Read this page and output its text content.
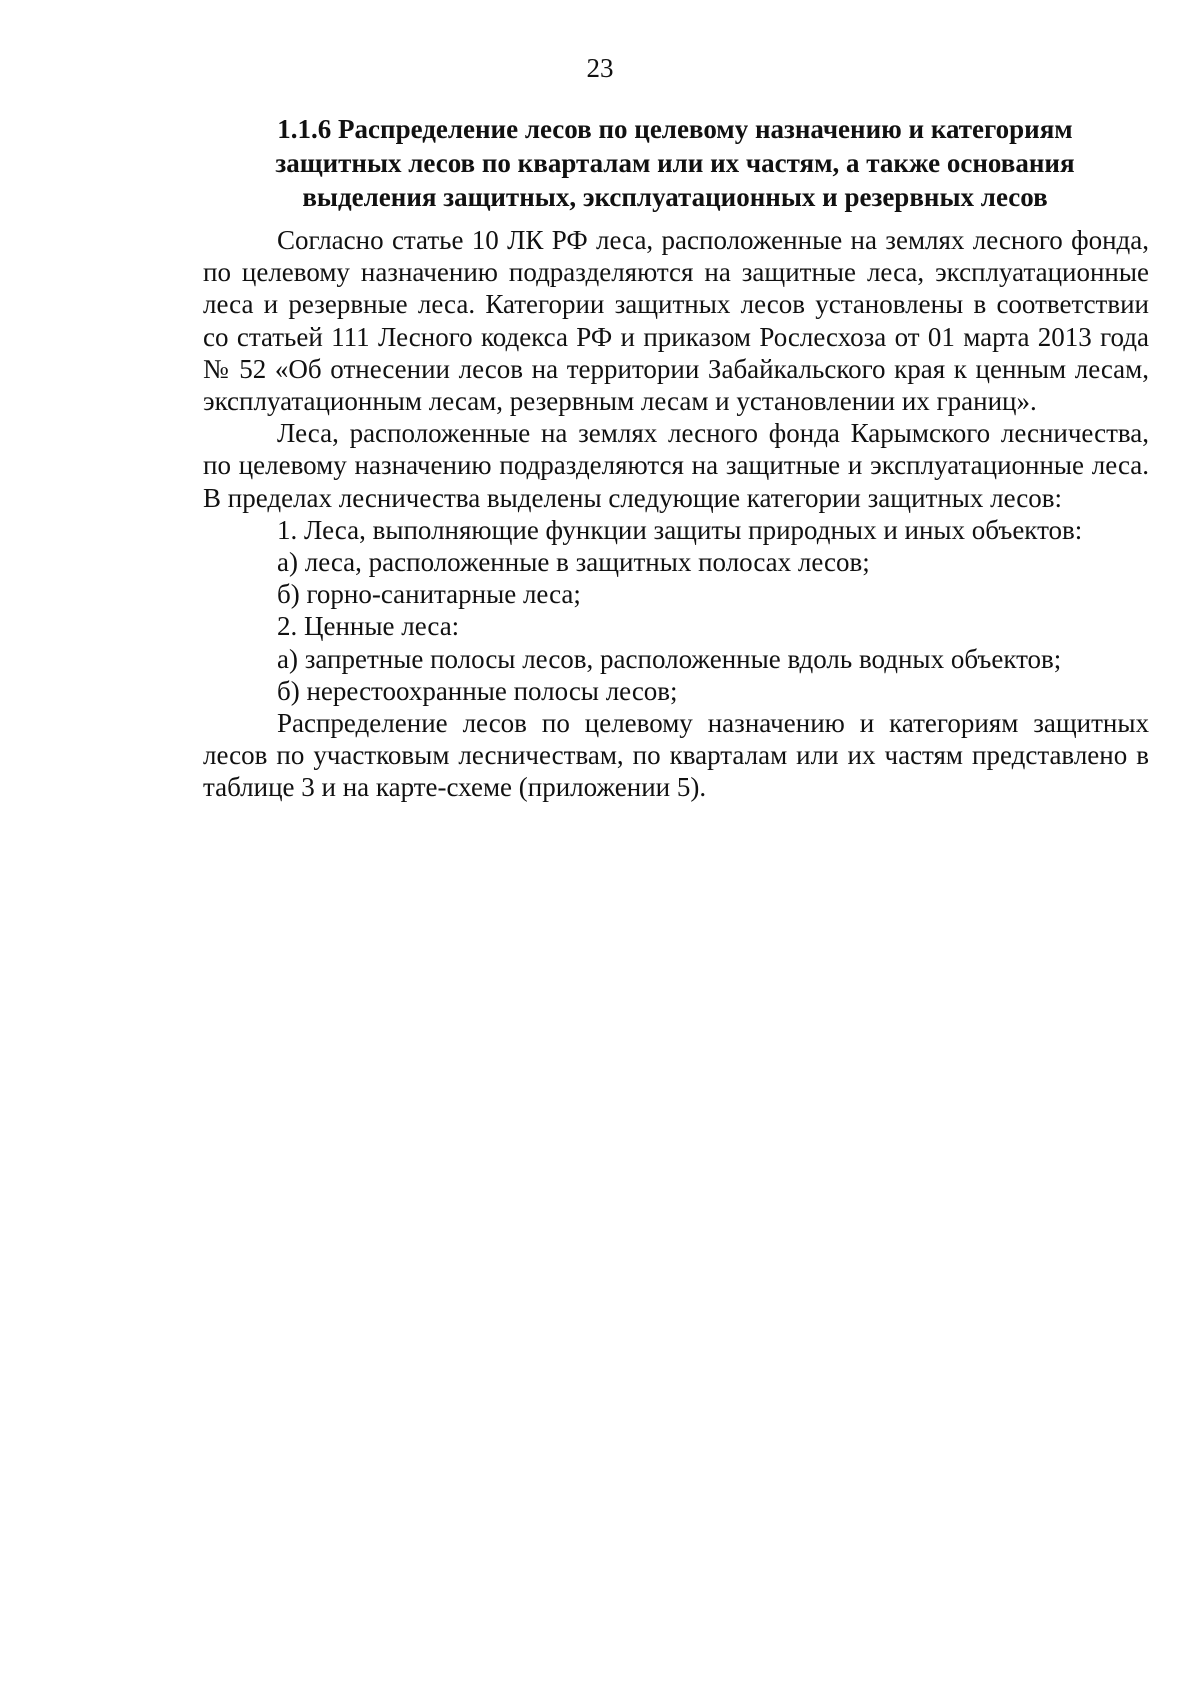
23
1.1.6 Распределение лесов по целевому назначению и категориям
защитных лесов по кварталам или их частям, а также основания
выделения защитных, эксплуатационных и резервных лесов

Согласно статье 10 ЛК РФ леса, расположенные на землях лесного фонда, по целевому назначению подразделяются на защитные леса, эксплуатационные леса и резервные леса. Категории защитных лесов установлены в соответствии со статьей 111 Лесного кодекса РФ и приказом Рослесхоза от 01 марта 2013 года № 52 «Об отнесении лесов на территории Забайкальского края к ценным лесам, эксплуатационным лесам, резервным лесам и установлении их границ».

Леса, расположенные на землях лесного фонда Карымского лесничества, по целевому назначению подразделяются на защитные и эксплуатационные леса. В пределах лесничества выделены следующие категории защитных лесов:

1. Леса, выполняющие функции защиты природных и иных объектов:

а) леса, расположенные в защитных полосах лесов;

б) горно-санитарные леса;

2. Ценные леса:

а) запретные полосы лесов, расположенные вдоль водных объектов;

б) нерестоохранные полосы лесов;

Распределение лесов по целевому назначению и категориям защитных лесов по участковым лесничествам, по кварталам или их частям представлено в таблице 3 и на карте-схеме (приложении 5).
